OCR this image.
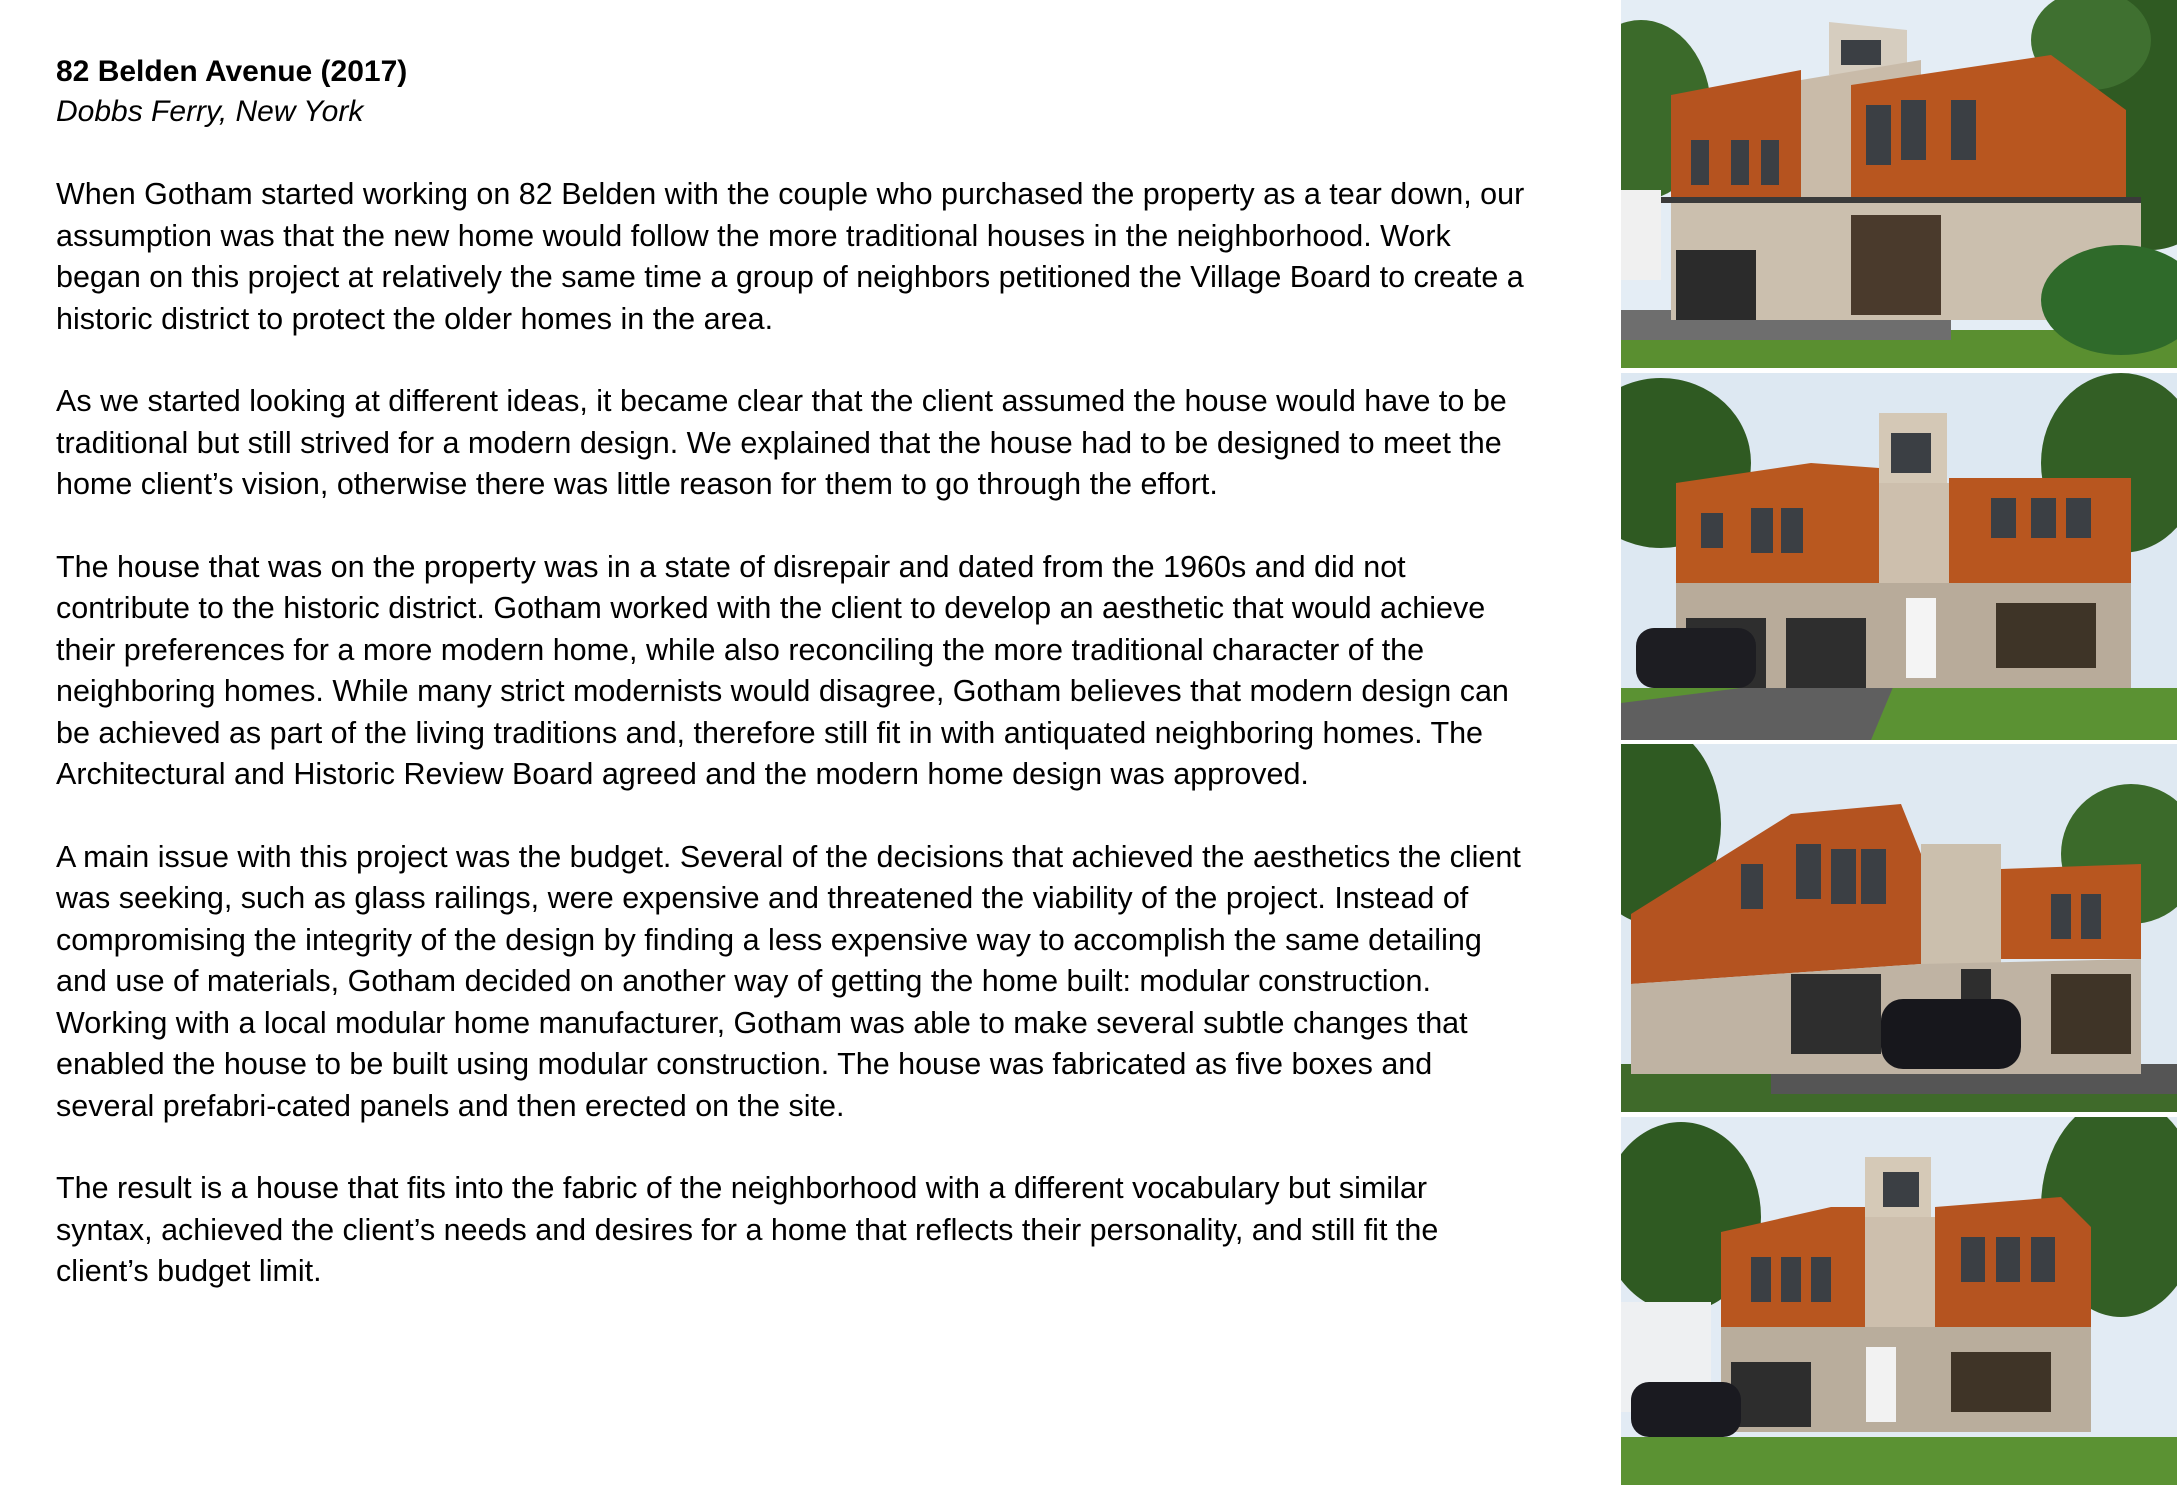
82 Belden Avenue (2017)

Dobbs Ferry, New York

When Gotham started working on 82 Belden with the couple who purchased the property as a tear down, our assumption was that the new home would follow the more traditional houses in the neighborhood. Work began on this project at relatively the same time a group of neighbors petitioned the Village Board to create a historic district to protect the older homes in the area.

As we started looking at different ideas, it became clear that the client assumed the house would have to be traditional but still strived for a modern design. We explained that the house had to be designed to meet the home client’s vision, otherwise there was little reason for them to go through the effort.

The house that was on the property was in a state of disrepair and dated from the 1960s and did not contribute to the historic district. Gotham worked with the client to develop an aesthetic that would achieve their preferences for a more modern home, while also reconciling the more traditional character of the neighboring homes. While many strict modernists would disagree, Gotham believes that modern design can be achieved as part of the living traditions and, therefore still fit in with antiquated neighboring homes. The Architectural and Historic Review Board agreed and the modern home design was approved.

A main issue with this project was the budget. Several of the decisions that achieved the aesthetics the client was seeking, such as glass railings, were expensive and threatened the viability of the project. Instead of compromising the integrity of the design by finding a less expensive way to accomplish the same detailing and use of materials, Gotham decided on another way of getting the home built: modular construction. Working with a local modular home manufacturer, Gotham was able to make several subtle changes that enabled the house to be built using modular construction. The house was fabricated as five boxes and several prefabri-cated panels and then erected on the site.

The result is a house that fits into the fabric of the neighborhood with a different vocabulary but similar syntax, achieved the client’s needs and desires for a home that reflects their personality, and still fit the client’s budget limit.
